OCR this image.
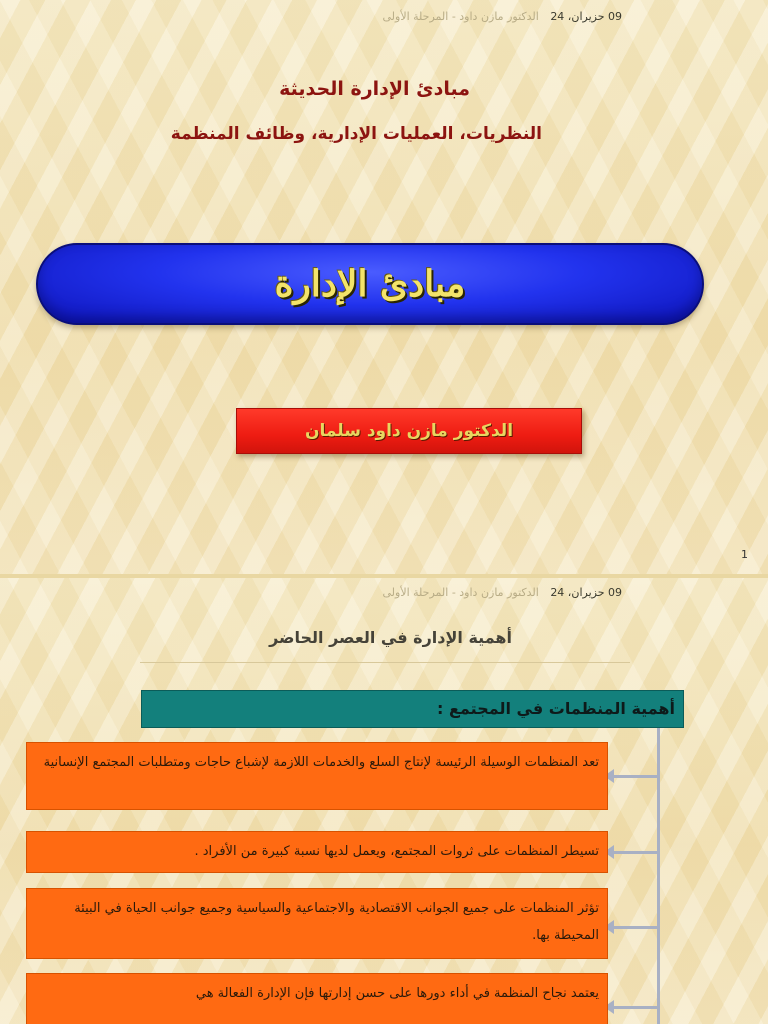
09 حزيران، 24 الدكتور مازن داود - المرحلة الأولى
مبادئ الإدارة الحديثة
النظريات، العمليات الإدارية، وظائف المنظمة
مبادئ الإدارة
الدكتور مازن داود سلمان
1
09 حزيران، 24 الدكتور مازن داود - المرحلة الأولى
أهمية الإدارة في العصر الحاضر
أهمية المنظمات في المجتمع :
تعد المنظمات الوسيلة الرئيسة لإنتاج السلع والخدمات اللازمة لإشباع حاجات ومتطلبات المجتمع الإنسانية
تسيطر المنظمات على ثروات المجتمع، ويعمل لديها نسبة كبيرة من الأفراد .
تؤثر المنظمات على جميع الجوانب الاقتصادية والاجتماعية والسياسية وجميع جوانب الحياة في البيئة المحيطة بها.
يعتمد نجاح المنظمة في أداء دورها على حسن إدارتها فإن الإدارة الفعالة هي
